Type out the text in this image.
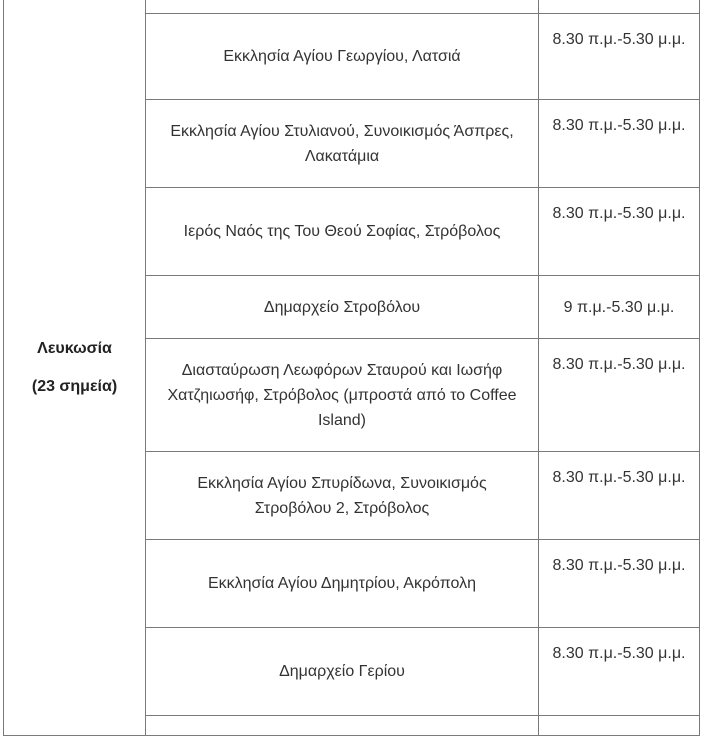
Λευκωσία
(23 σημεία)		

	Εκκλησία Αγίου Γεωργίου, Λατσιά	8.30 π.μ.-5.30 μ.μ.
	Εκκλησία Αγίου Στυλιανού, Συνοικισμός Άσπρες, Λακατάμια	8.30 π.μ.-5.30 μ.μ.
	Ιερός Ναός της Του Θεού Σοφίας, Στρόβολος	8.30 π.μ.-5.30 μ.μ.
	Δημαρχείο Στροβόλου	9 π.μ.-5.30 μ.μ.
	Διασταύρωση Λεωφόρων Σταυρού και Ιωσήφ Χατζηιωσήφ, Στρόβολος (μπροστά από το Coffee Island)	8.30 π.μ.-5.30 μ.μ.
	Εκκλησία Αγίου Σπυρίδωνα, Συνοικισμός Στροβόλου 2, Στρόβολος	8.30 π.μ.-5.30 μ.μ.
	Εκκλησία Αγίου Δημητρίου, Ακρόπολη	8.30 π.μ.-5.30 μ.μ.
	Δημαρχείο Γερίου	8.30 π.μ.-5.30 μ.μ.
